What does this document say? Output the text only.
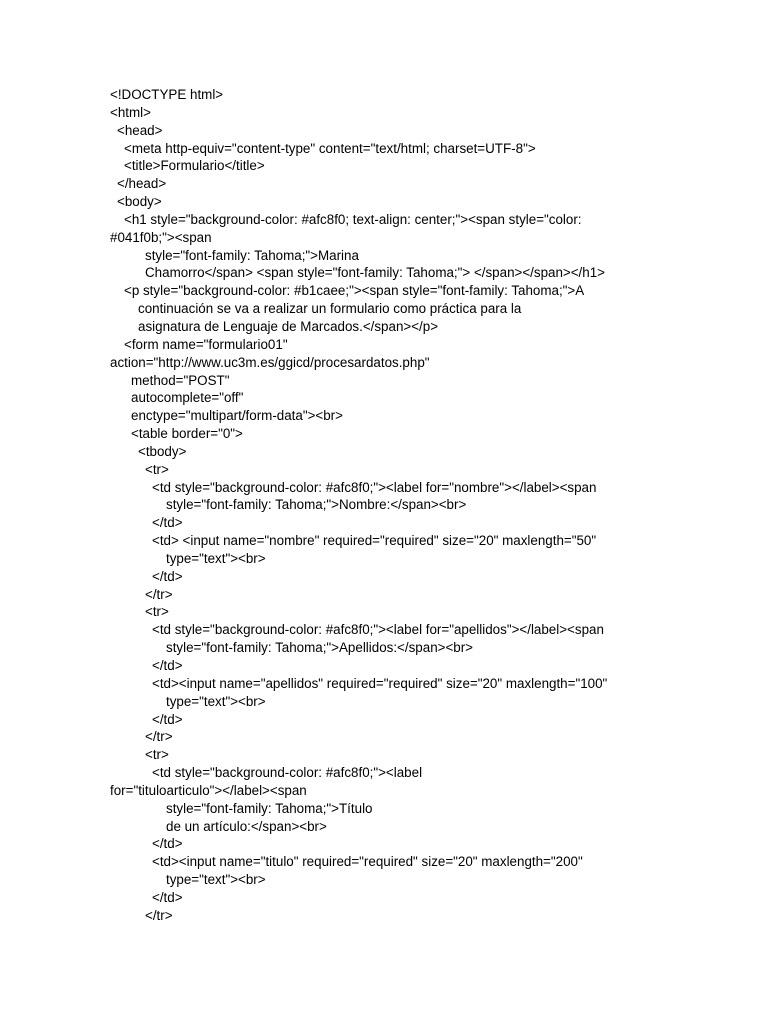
<!DOCTYPE html>
<html>
<head>
<meta http-equiv="content-type" content="text/html; charset=UTF-8">
<title>Formulario</title>
</head>
<body>
<h1 style="background-color: #afc8f0; text-align: center;"><span style="color:
#041f0b;"><span
style="font-family: Tahoma;">Marina
Chamorro</span> <span style="font-family: Tahoma;"> </span></span></h1>
<p style="background-color: #b1caee;"><span style="font-family: Tahoma;">A
continuación se va a realizar un formulario como práctica para la
asignatura de Lenguaje de Marcados.</span></p>
<form name="formulario01"
action="http://www.uc3m.es/ggicd/procesardatos.php"
method="POST"
autocomplete="off"
enctype="multipart/form-data"><br>
<table border="0">
<tbody>
<tr>
<td style="background-color: #afc8f0;"><label for="nombre"></label><span
style="font-family: Tahoma;">Nombre:</span><br>
</td>
<td> <input name="nombre" required="required" size="20" maxlength="50"
type="text"><br>
</td>
</tr>
<tr>
<td style="background-color: #afc8f0;"><label for="apellidos"></label><span
style="font-family: Tahoma;">Apellidos:</span><br>
</td>
<td><input name="apellidos" required="required" size="20" maxlength="100"
type="text"><br>
</td>
</tr>
<tr>
<td style="background-color: #afc8f0;"><label
for="tituloarticulo"></label><span
style="font-family: Tahoma;">Título
de un artículo:</span><br>
</td>
<td><input name="titulo" required="required" size="20" maxlength="200"
type="text"><br>
</td>
</tr>
